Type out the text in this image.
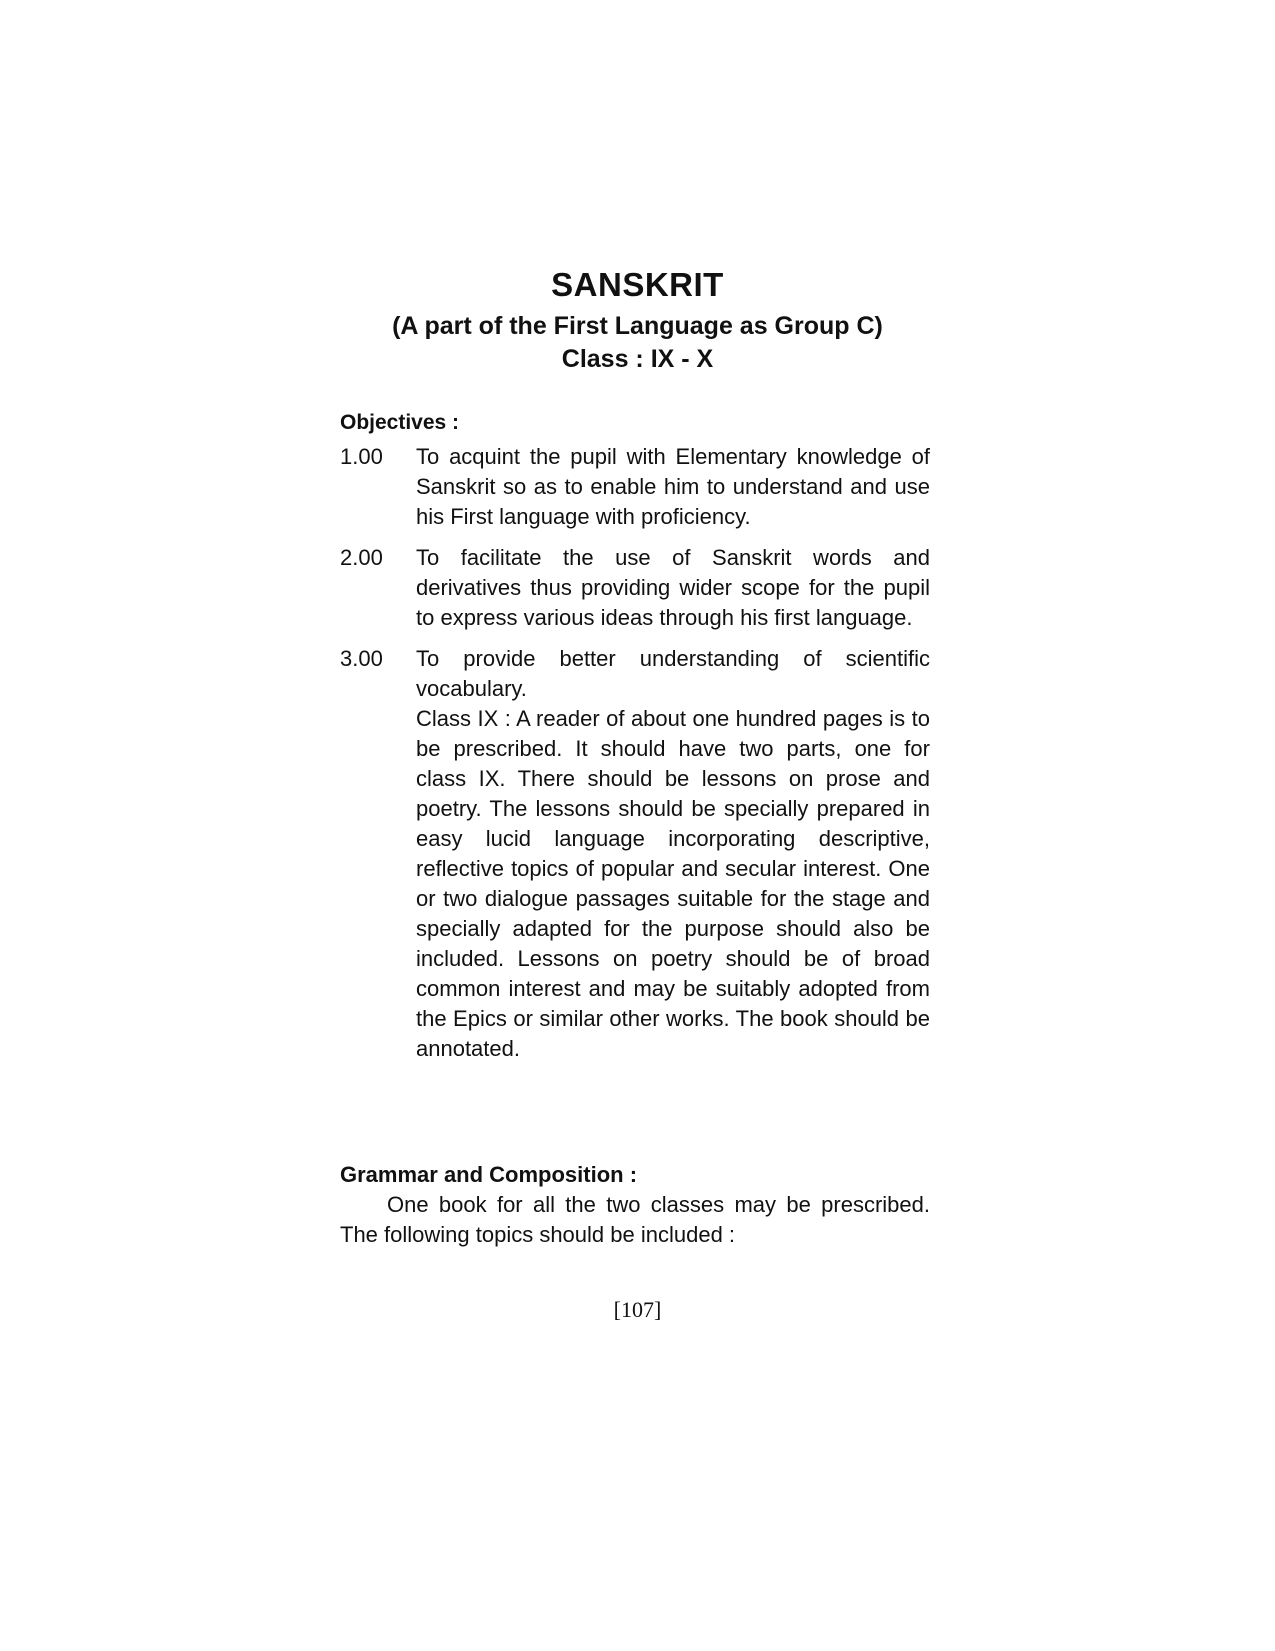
SANSKRIT
(A part of the First Language as Group C)
Class : IX - X

Objectives :

1.00	To acquint the pupil with Elementary knowledge of Sanskrit so as to enable him to understand and use his First language with proficiency.
2.00	To facilitate the use of Sanskrit words and derivatives thus providing wider scope for the pupil to express various ideas through his first language.
3.00	To provide better understanding of scientific vocabulary.

Class IX : A reader of about one hundred pages is to be prescribed. It should have two parts, one for class IX. There should be lessons on prose and poetry. The lessons should be specially prepared in easy lucid language incorporating descriptive, reflective topics of popular and secular interest. One or two dialogue passages suitable for the stage and specially adapted for the purpose should also be included. Lessons on poetry should be of broad common interest and may be suitably adopted from the Epics or similar other works. The book should be annotated.

Grammar and Composition :

One book for all the two classes may be prescribed. The following topics should be included :

[107]
